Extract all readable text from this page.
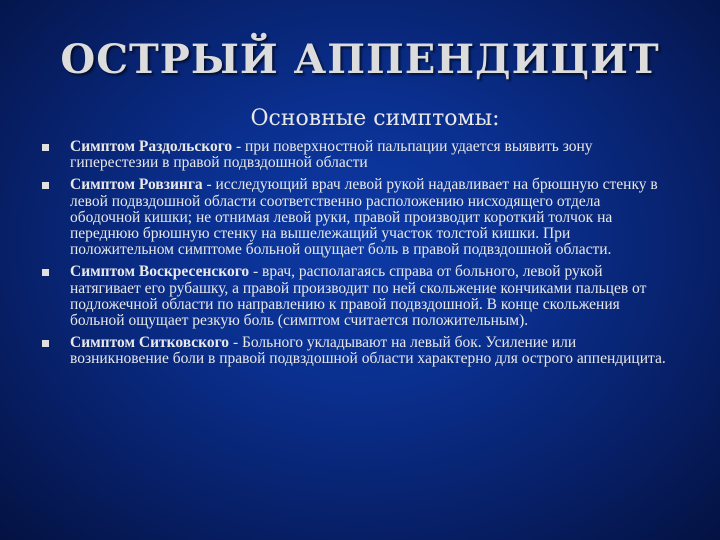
ОСТРЫЙ АППЕНДИЦИТ
Основные симптомы:
Симптом Раздольского - при поверхностной пальпации удается выявить зону гиперестезии в правой подвздошной области
Симптом Ровзинга - исследующий врач левой рукой надавливает на брюшную стенку в левой подвздошной области соответственно расположению нисходящего отдела ободочной кишки; не отнимая левой руки, правой производит короткий толчок на переднюю брюшную стенку на вышележащий участок толстой кишки. При положительном симптоме больной ощущает боль в правой подвздошной области.
Симптом Воскресенского - врач, располагаясь справа от больного, левой рукой натягивает его рубашку, а правой производит по ней скольжение кончиками пальцев от подложечной области по направлению к правой подвздошной. В конце скольжения больной ощущает резкую боль (симптом считается положительным).
Симптом Ситковского - Больного укладывают на левый бок. Усиление или возникновение боли в правой подвздошной области характерно для острого аппендицита.
